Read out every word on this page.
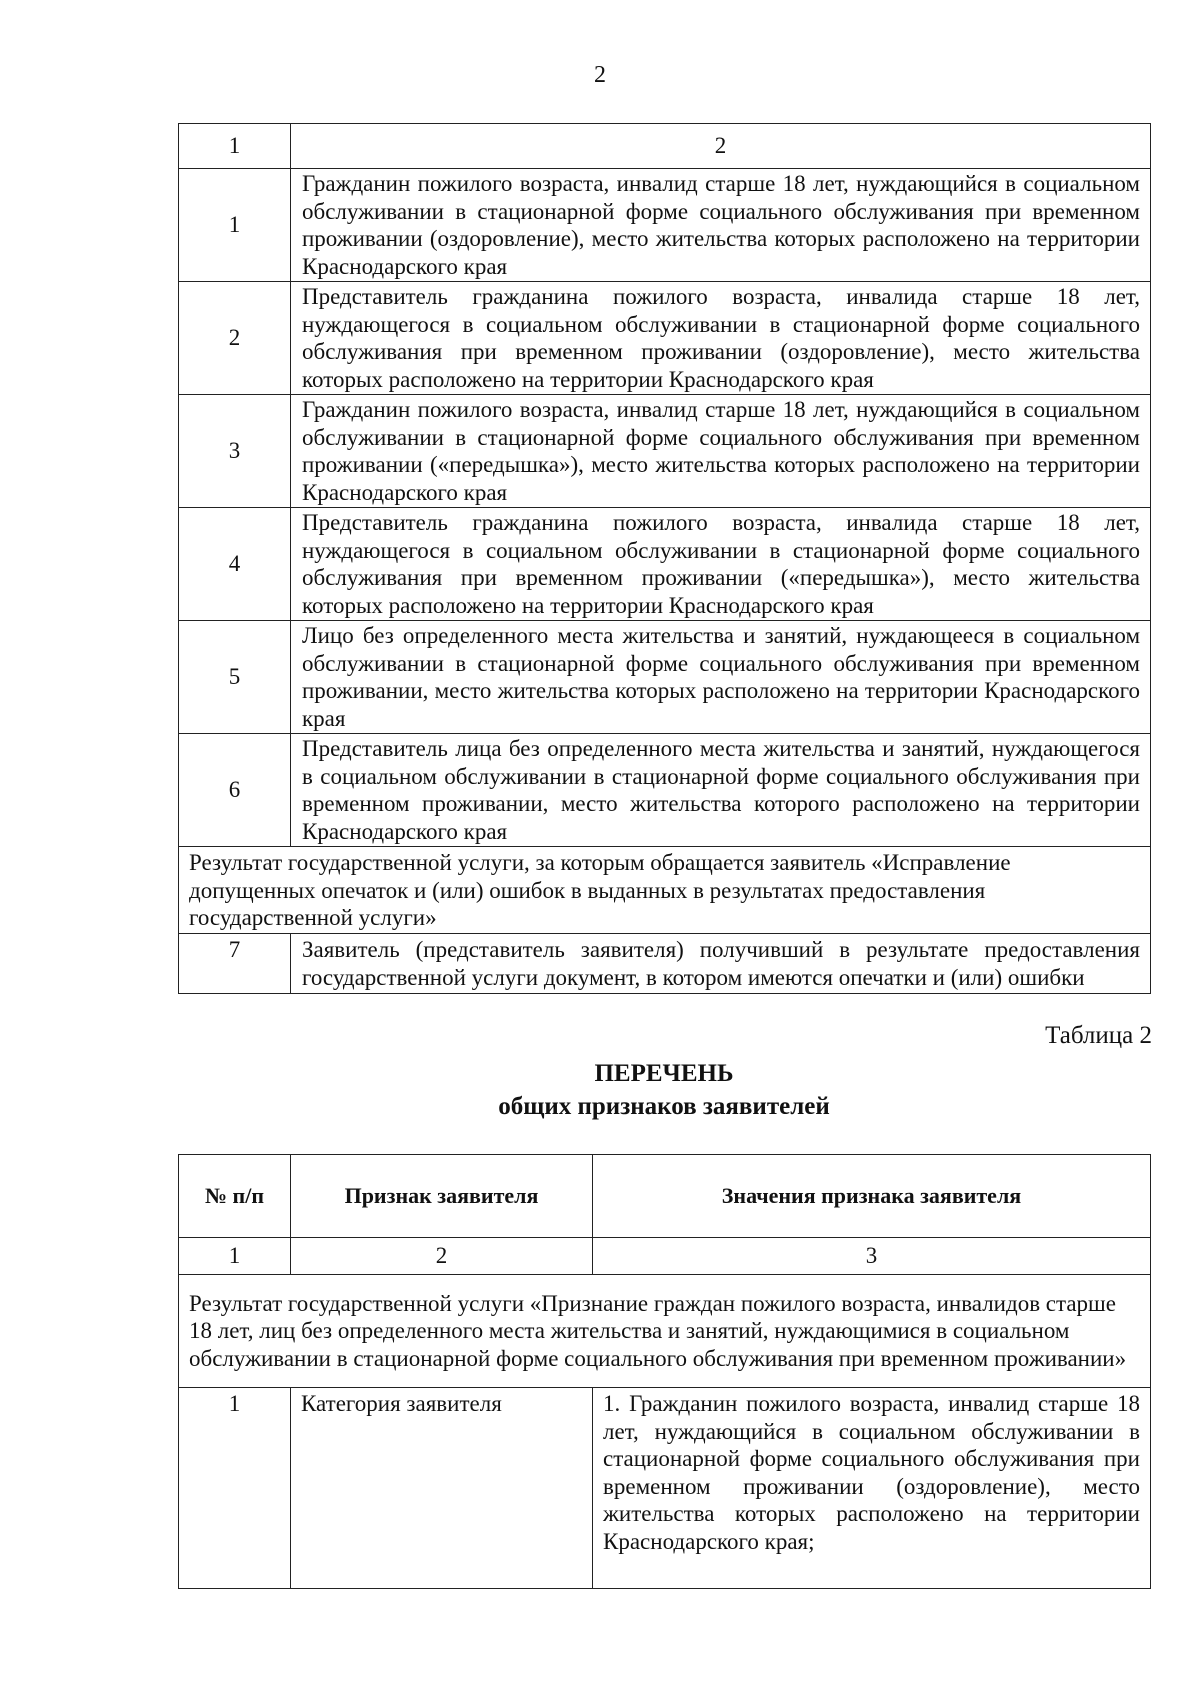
2
1	2
1	Гражданин пожилого возраста, инвалид старше 18 лет, нуждающийся в социальном обслуживании в стационарной форме социального обслуживания при временном проживании (оздоровление), место жительства которых расположено на территории Краснодарского края
2	Представитель гражданина пожилого возраста, инвалида старше 18 лет, нуждающегося в социальном обслуживании в стационарной форме социального обслуживания при временном проживании (оздоровление), место жительства которых расположено на территории Краснодарского края
3	Гражданин пожилого возраста, инвалид старше 18 лет, нуждающийся в социальном обслуживании в стационарной форме социального обслуживания при временном проживании («передышка»), место жительства которых расположено на территории Краснодарского края
4	Представитель гражданина пожилого возраста, инвалида старше 18 лет, нуждающегося в социальном обслуживании в стационарной форме социального обслуживания при временном проживании («передышка»), место жительства которых расположено на территории Краснодарского края
5	Лицо без определенного места жительства и занятий, нуждающееся в социальном обслуживании в стационарной форме социального обслуживания при временном проживании, место жительства которых расположено на территории Краснодарского края
6	Представитель лица без определенного места жительства и занятий, нуждающегося в социальном обслуживании в стационарной форме социального обслуживания при временном проживании, место жительства которого расположено на территории Краснодарского края
Результат государственной услуги, за которым обращается заявитель «Исправление допущенных опечаток и (или) ошибок в выданных в результатах предоставления государственной услуги»	
7	Заявитель (представитель заявителя) получивший в результате предоставления государственной услуги документ, в котором имеются опечатки и (или) ошибки
Таблица 2
ПЕРЕЧЕНЬ
общих признаков заявителей
№ п/п	Признак заявителя	Значения признака заявителя
1	2	3
Результат государственной услуги «Признание граждан пожилого возраста, инвалидов старше 18 лет, лиц без определенного места жительства и занятий, нуждающимися в социальном обслуживании в стационарной форме социального обслуживания при временном проживании»		
1	Категория заявителя	1. Гражданин пожилого возраста, инвалид старше 18 лет, нуждающийся в социальном обслуживании в стационарной форме социального обслуживания при временном проживании (оздоровление), место жительства которых расположено на территории Краснодарского края;
